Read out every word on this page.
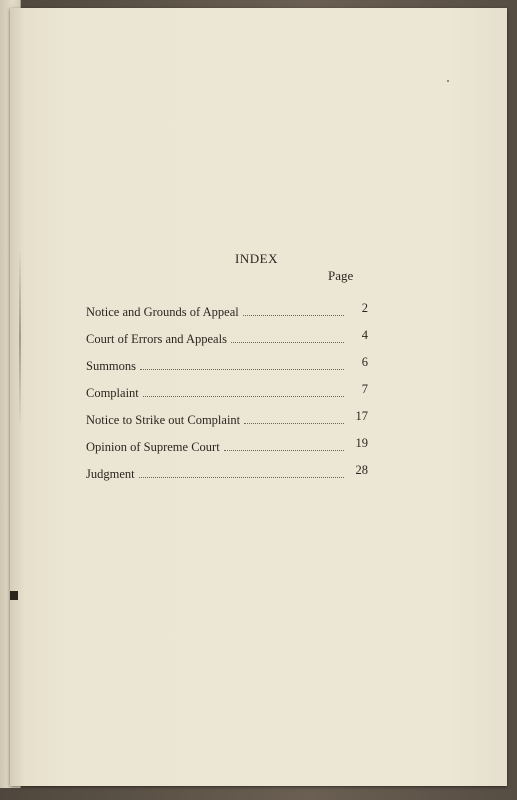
INDEX
Page
Notice and Grounds of Appeal	2
Court of Errors and Appeals	4
Summons	6
Complaint	7
Notice to Strike out Complaint	17
Opinion of Supreme Court	19
Judgment	28
